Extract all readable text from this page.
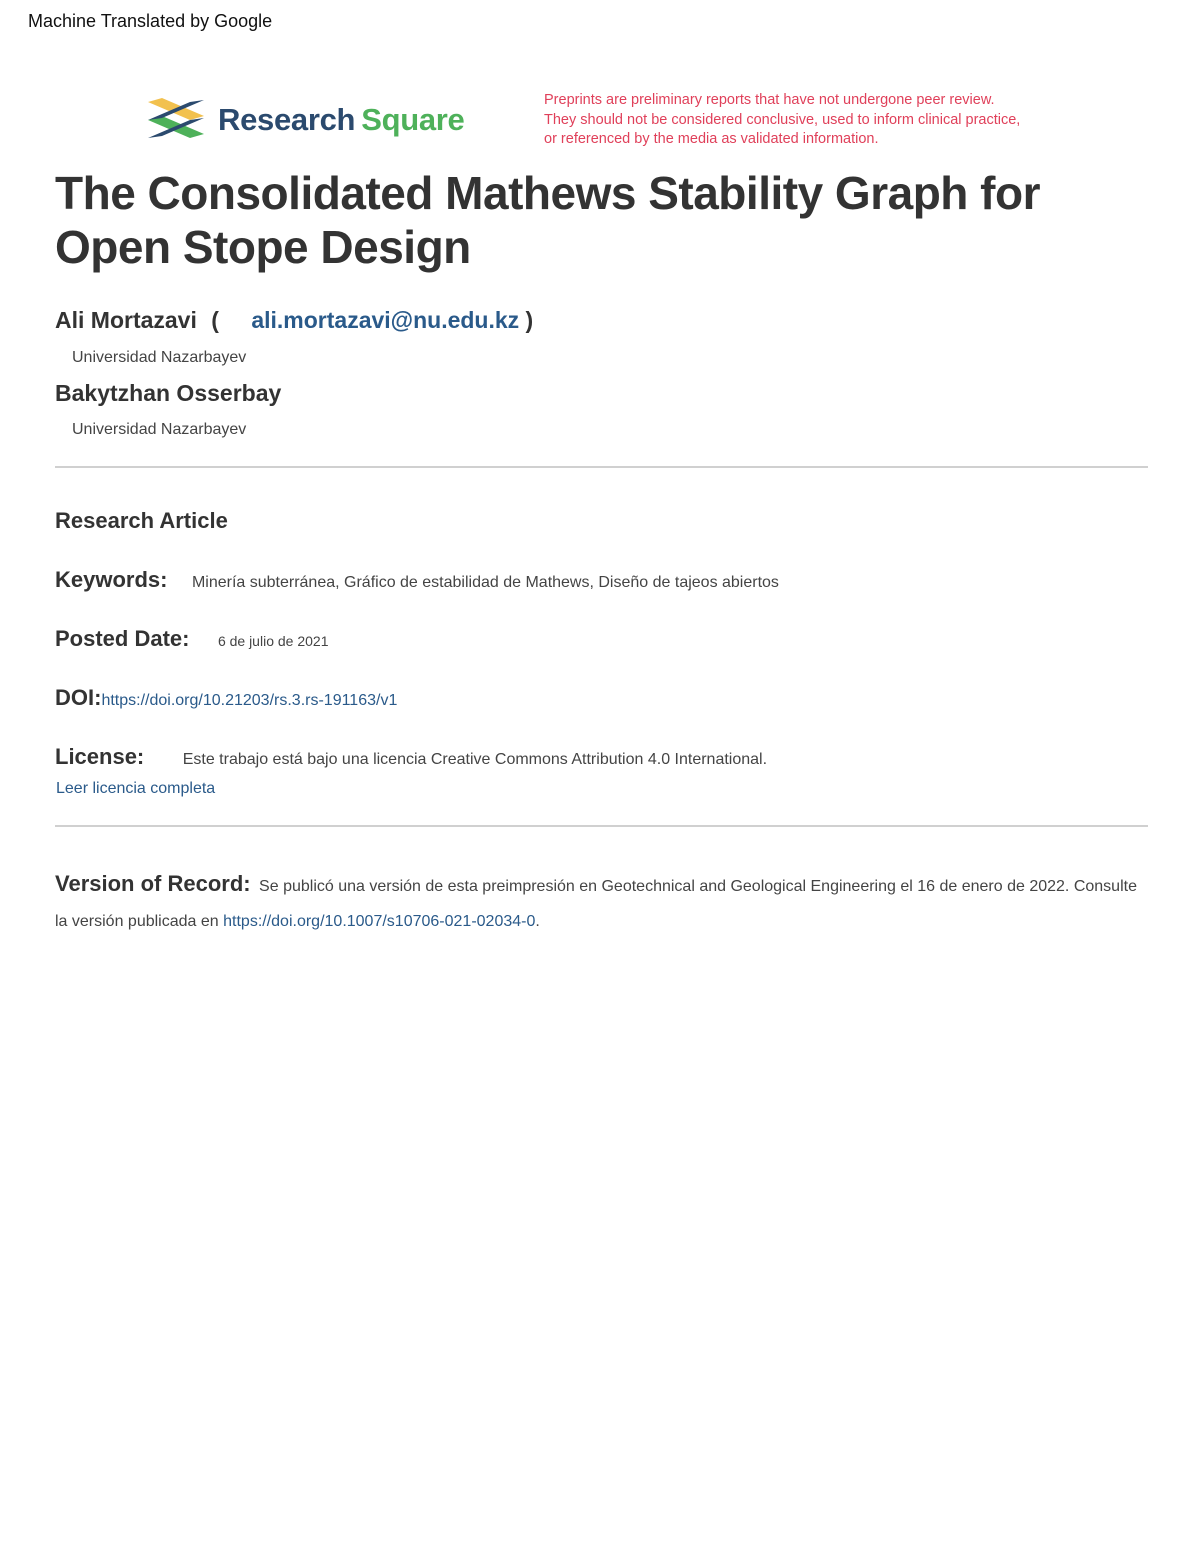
Machine Translated by Google
Research Square
Preprints are preliminary reports that have not undergone peer review.
They should not be considered conclusive, used to inform clinical practice,
or referenced by the media as validated information.
The Consolidated Mathews Stability Graph for Open Stope Design
Ali Mortazavi ( ali.mortazavi@nu.edu.kz )
Universidad Nazarbayev
Bakytzhan Osserbay
Universidad Nazarbayev
Research Article
Keywords: Minería subterránea, Gráfico de estabilidad de Mathews, Diseño de tajeos abiertos
Posted Date: 6 de julio de 2021
DOI:https://doi.org/10.21203/rs.3.rs-191163/v1
License: Este trabajo está bajo una licencia Creative Commons Attribution 4.0 International.
Leer licencia completa
Version of Record: Se publicó una versión de esta preimpresión en Geotechnical and Geological Engineering el 16 de enero de 2022. Consulte la versión publicada en https://doi.org/10.1007/s10706-021-02034-0.
